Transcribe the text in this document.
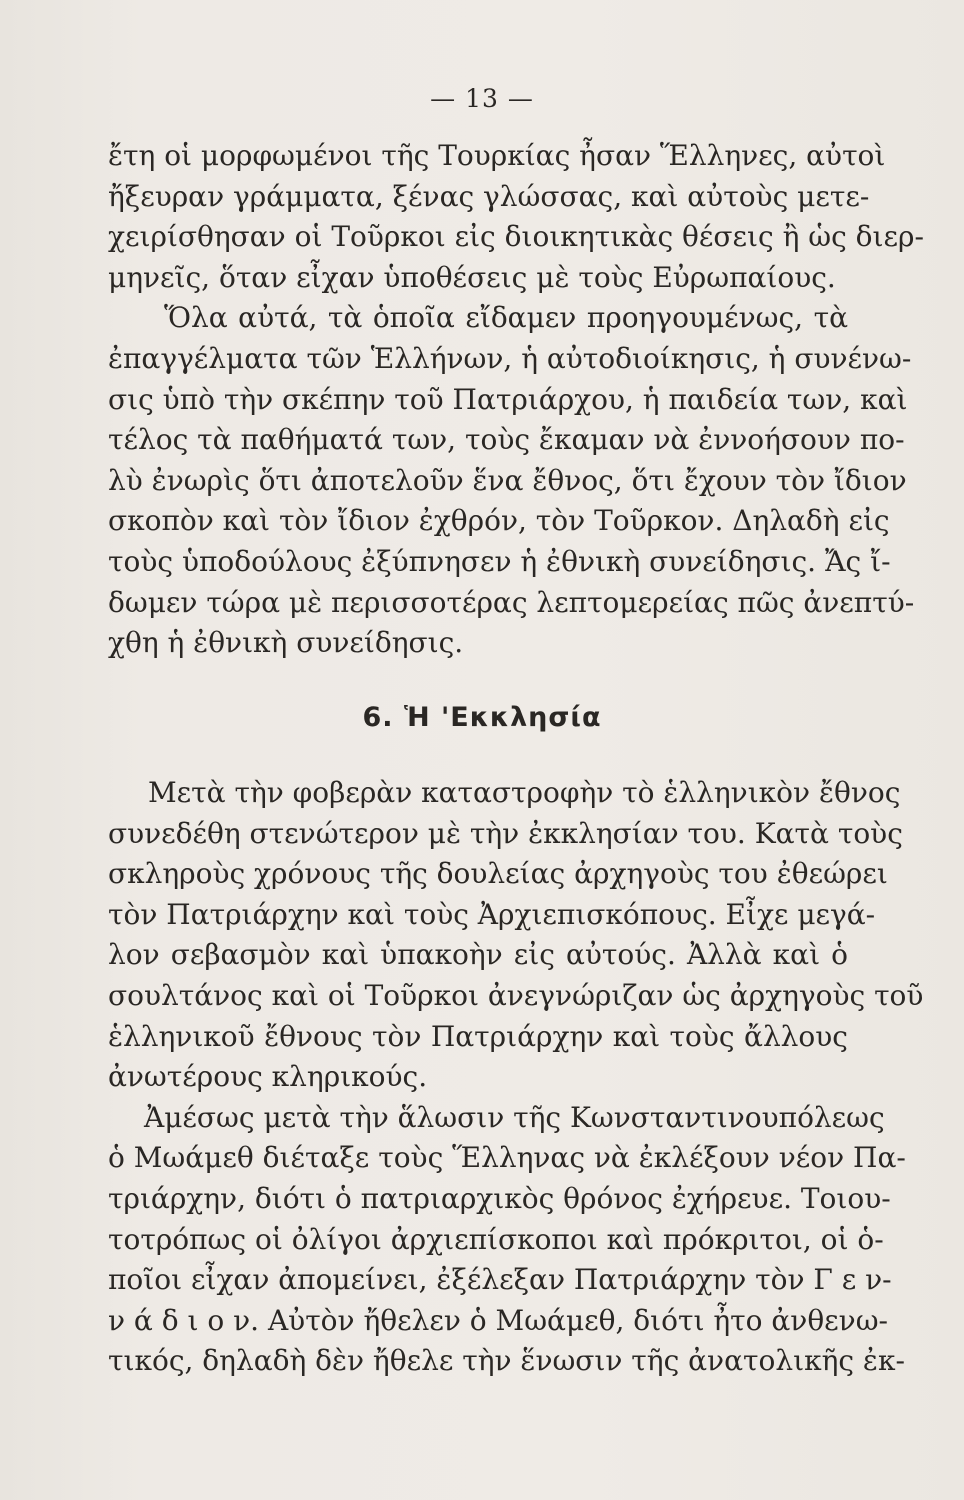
— 13 —
ἔτη οἱ μορφωμένοι τῆς Τουρκίας ἦσαν Ἕλληνες, αὐτοὶ
ἤξευραν γράμματα, ξένας γλώσσας, καὶ αὐτοὺς μετε-
χειρίσθησαν οἱ Τοῦρκοι εἰς διοικητικὰς θέσεις ἢ ὡς διερ-
μηνεῖς, ὅταν εἶχαν ὑποθέσεις μὲ τοὺς Εὐρωπαίους.
Ὅλα αὐτά, τὰ ὁποῖα εἴδαμεν προηγουμένως, τὰ
ἐπαγγέλματα τῶν Ἑλλήνων, ἡ αὐτοδιοίκησις, ἡ συνένω-
σις ὑπὸ τὴν σκέπην τοῦ Πατριάρχου, ἡ παιδεία των, καὶ
τέλος τὰ παθήματά των, τοὺς ἔκαμαν νὰ ἐννοήσουν πο-
λὺ ἐνωρὶς ὅτι ἀποτελοῦν ἕνα ἔθνος, ὅτι ἔχουν τὸν ἴδιον
σκοπὸν καὶ τὸν ἴδιον ἐχθρόν, τὸν Τοῦρκον. Δηλαδὴ εἰς
τοὺς ὑποδούλους ἐξύπνησεν ἡ ἐθνικὴ συνείδησις. Ἄς ἴ-
δωμεν τώρα μὲ περισσοτέρας λεπτομερείας πῶς ἀνεπτύ-
χθη ἡ ἐθνικὴ συνείδησις.
6. Ἡ 'Εκκλησία
Μετὰ τὴν φοβερὰν καταστροφὴν τὸ ἑλληνικὸν ἔθνος
συνεδέθη στενώτερον μὲ τὴν ἐκκλησίαν του. Κατὰ τοὺς
σκληροὺς χρόνους τῆς δουλείας ἀρχηγοὺς του ἐθεώρει
τὸν Πατριάρχην καὶ τοὺς Ἀρχιεπισκόπους. Εἶχε μεγά-
λον σεβασμὸν καὶ ὑπακοὴν εἰς αὐτούς. Ἀλλὰ καὶ ὁ
σουλτάνος καὶ οἱ Τοῦρκοι ἀνεγνώριζαν ὡς ἀρχηγοὺς τοῦ
ἑλληνικοῦ ἔθνους τὸν Πατριάρχην καὶ τοὺς ἄλλους
ἀνωτέρους κληρικούς.
Ἀμέσως μετὰ τὴν ἅλωσιν τῆς Κωνσταντινουπόλεως
ὁ Μωάμεθ διέταξε τοὺς Ἕλληνας νὰ ἐκλέξουν νέον Πα-
τριάρχην, διότι ὁ πατριαρχικὸς θρόνος ἐχήρευε. Τοιου-
τοτρόπως οἱ ὀλίγοι ἀρχιεπίσκοποι καὶ πρόκριτοι, οἱ ὁ-
ποῖοι εἶχαν ἀπομείνει, ἐξέλεξαν Πατριάρχην τὸν Γ ε ν-
ν ά δ ι ο ν. Αὐτὸν ἤθελεν ὁ Μωάμεθ, διότι ἦτο ἀνθενω-
τικός, δηλαδὴ δὲν ἤθελε τὴν ἕνωσιν τῆς ἀνατολικῆς ἐκ-
